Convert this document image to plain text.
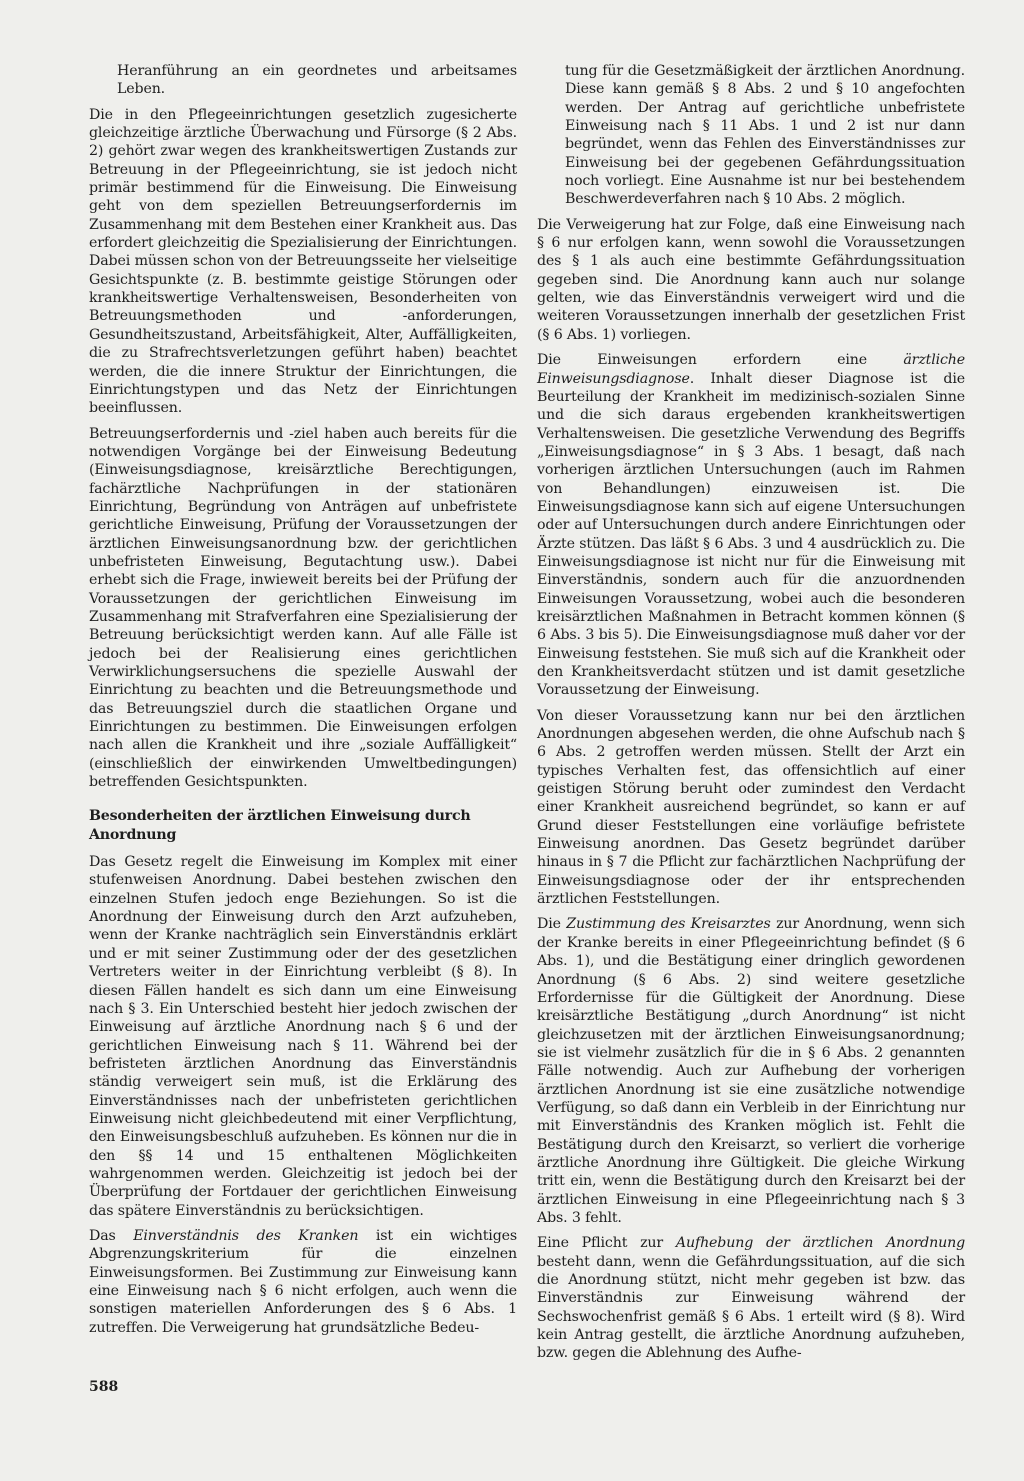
Heranführung an ein geordnetes und arbeitsames Leben.

Die in den Pflegeeinrichtungen gesetzlich zugesicherte gleichzeitige ärztliche Überwachung und Fürsorge (§ 2 Abs. 2) gehört zwar wegen des krankheitswertigen Zustands zur Betreuung in der Pflegeeinrichtung, sie ist jedoch nicht primär bestimmend für die Einweisung. Die Einweisung geht von dem speziellen Betreuungserfordernis im Zusammenhang mit dem Bestehen einer Krankheit aus. Das erfordert gleichzeitig die Spezialisierung der Einrichtungen. Dabei müssen schon von der Betreuungsseite her vielseitige Gesichtspunkte (z. B. bestimmte geistige Störungen oder krankheitswertige Verhaltensweisen, Besonderheiten von Betreuungsmethoden und -anforderungen, Gesundheitszustand, Arbeitsfähigkeit, Alter, Auffälligkeiten, die zu Strafrechtsverletzungen geführt haben) beachtet werden, die die innere Struktur der Einrichtungen, die Einrichtungstypen und das Netz der Einrichtungen beeinflussen.

Betreuungserfordernis und -ziel haben auch bereits für die notwendigen Vorgänge bei der Einweisung Bedeutung (Einweisungsdiagnose, kreisärztliche Berechtigungen, fachärztliche Nachprüfungen in der stationären Einrichtung, Begründung von Anträgen auf unbefristete gerichtliche Einweisung, Prüfung der Voraussetzungen der ärztlichen Einweisungsanordnung bzw. der gerichtlichen unbefristeten Einweisung, Begutachtung usw.). Dabei erhebt sich die Frage, inwieweit bereits bei der Prüfung der Voraussetzungen der gerichtlichen Einweisung im Zusammenhang mit Strafverfahren eine Spezialisierung der Betreuung berücksichtigt werden kann. Auf alle Fälle ist jedoch bei der Realisierung eines gerichtlichen Verwirklichungsersuchens die spezielle Auswahl der Einrichtung zu beachten und die Betreuungsmethode und das Betreuungsziel durch die staatlichen Organe und Einrichtungen zu bestimmen. Die Einweisungen erfolgen nach allen die Krankheit und ihre „soziale Auffälligkeit“ (einschließlich der einwirkenden Umweltbedingungen) betreffenden Gesichtspunkten.

Besonderheiten der ärztlichen Einweisung durch Anordnung

Das Gesetz regelt die Einweisung im Komplex mit einer stufenweisen Anordnung. Dabei bestehen zwischen den einzelnen Stufen jedoch enge Beziehungen. So ist die Anordnung der Einweisung durch den Arzt aufzuheben, wenn der Kranke nachträglich sein Einverständnis erklärt und er mit seiner Zustimmung oder der des gesetzlichen Vertreters weiter in der Einrichtung verbleibt (§ 8). In diesen Fällen handelt es sich dann um eine Einweisung nach § 3. Ein Unterschied besteht hier jedoch zwischen der Einweisung auf ärztliche Anordnung nach § 6 und der gerichtlichen Einweisung nach § 11. Während bei der befristeten ärztlichen Anordnung das Einverständnis ständig verweigert sein muß, ist die Erklärung des Einverständnisses nach der unbefristeten gerichtlichen Einweisung nicht gleichbedeutend mit einer Verpflichtung, den Einweisungsbeschluß aufzuheben. Es können nur die in den §§ 14 und 15 enthaltenen Möglichkeiten wahrgenommen werden. Gleichzeitig ist jedoch bei der Überprüfung der Fortdauer der gerichtlichen Einweisung das spätere Einverständnis zu berücksichtigen.

Das Einverständnis des Kranken ist ein wichtiges Abgrenzungskriterium für die einzelnen Einweisungsformen. Bei Zustimmung zur Einweisung kann eine Einweisung nach § 6 nicht erfolgen, auch wenn die sonstigen materiellen Anforderungen des § 6 Abs. 1 zutreffen. Die Verweigerung hat grundsätzliche Bedeu-

tung für die Gesetzmäßigkeit der ärztlichen Anordnung. Diese kann gemäß § 8 Abs. 2 und § 10 angefochten werden. Der Antrag auf gerichtliche unbefristete Einweisung nach § 11 Abs. 1 und 2 ist nur dann begründet, wenn das Fehlen des Einverständnisses zur Einweisung bei der gegebenen Gefährdungssituation noch vorliegt. Eine Ausnahme ist nur bei bestehendem Beschwerdeverfahren nach § 10 Abs. 2 möglich.

Die Verweigerung hat zur Folge, daß eine Einweisung nach § 6 nur erfolgen kann, wenn sowohl die Voraussetzungen des § 1 als auch eine bestimmte Gefährdungssituation gegeben sind. Die Anordnung kann auch nur solange gelten, wie das Einverständnis verweigert wird und die weiteren Voraussetzungen innerhalb der gesetzlichen Frist (§ 6 Abs. 1) vorliegen.

Die Einweisungen erfordern eine ärztliche Einweisungsdiagnose. Inhalt dieser Diagnose ist die Beurteilung der Krankheit im medizinisch-sozialen Sinne und die sich daraus ergebenden krankheitswertigen Verhaltensweisen. Die gesetzliche Verwendung des Begriffs „Einweisungsdiagnose“ in § 3 Abs. 1 besagt, daß nach vorherigen ärztlichen Untersuchungen (auch im Rahmen von Behandlungen) einzuweisen ist. Die Einweisungsdiagnose kann sich auf eigene Untersuchungen oder auf Untersuchungen durch andere Einrichtungen oder Ärzte stützen. Das läßt § 6 Abs. 3 und 4 ausdrücklich zu. Die Einweisungsdiagnose ist nicht nur für die Einweisung mit Einverständnis, sondern auch für die anzuordnenden Einweisungen Voraussetzung, wobei auch die besonderen kreisärztlichen Maßnahmen in Betracht kommen können (§ 6 Abs. 3 bis 5). Die Einweisungsdiagnose muß daher vor der Einweisung feststehen. Sie muß sich auf die Krankheit oder den Krankheitsverdacht stützen und ist damit gesetzliche Voraussetzung der Einweisung.

Von dieser Voraussetzung kann nur bei den ärztlichen Anordnungen abgesehen werden, die ohne Aufschub nach § 6 Abs. 2 getroffen werden müssen. Stellt der Arzt ein typisches Verhalten fest, das offensichtlich auf einer geistigen Störung beruht oder zumindest den Verdacht einer Krankheit ausreichend begründet, so kann er auf Grund dieser Feststellungen eine vorläufige befristete Einweisung anordnen. Das Gesetz begründet darüber hinaus in § 7 die Pflicht zur fachärztlichen Nachprüfung der Einweisungsdiagnose oder der ihr entsprechenden ärztlichen Feststellungen.

Die Zustimmung des Kreisarztes zur Anordnung, wenn sich der Kranke bereits in einer Pflegeeinrichtung befindet (§ 6 Abs. 1), und die Bestätigung einer dringlich gewordenen Anordnung (§ 6 Abs. 2) sind weitere gesetzliche Erfordernisse für die Gültigkeit der Anordnung. Diese kreisärztliche Bestätigung „durch Anordnung“ ist nicht gleichzusetzen mit der ärztlichen Einweisungsanordnung; sie ist vielmehr zusätzlich für die in § 6 Abs. 2 genannten Fälle notwendig. Auch zur Aufhebung der vorherigen ärztlichen Anordnung ist sie eine zusätzliche notwendige Verfügung, so daß dann ein Verbleib in der Einrichtung nur mit Einverständnis des Kranken möglich ist. Fehlt die Bestätigung durch den Kreisarzt, so verliert die vorherige ärztliche Anordnung ihre Gültigkeit. Die gleiche Wirkung tritt ein, wenn die Bestätigung durch den Kreisarzt bei der ärztlichen Einweisung in eine Pflegeeinrichtung nach § 3 Abs. 3 fehlt.

Eine Pflicht zur Aufhebung der ärztlichen Anordnung besteht dann, wenn die Gefährdungssituation, auf die sich die Anordnung stützt, nicht mehr gegeben ist bzw. das Einverständnis zur Einweisung während der Sechswochenfrist gemäß § 6 Abs. 1 erteilt wird (§ 8). Wird kein Antrag gestellt, die ärztliche Anordnung aufzuheben, bzw. gegen die Ablehnung des Aufhe-

588
